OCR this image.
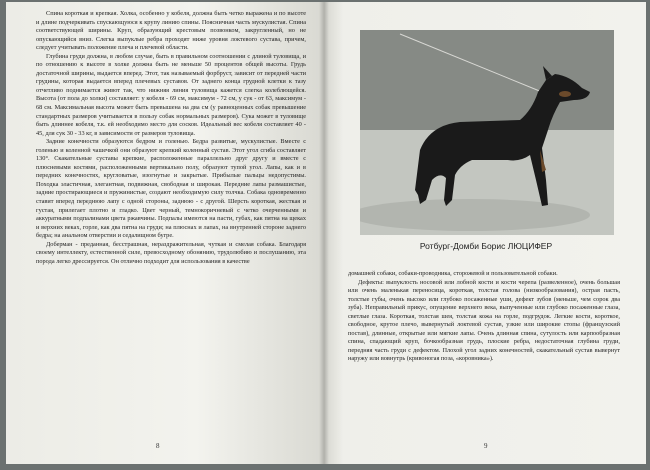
Спина короткая и крепкая. Холка, особенно у кобеля, должна быть четко выражена и по высоте и длине подчеркивать спускающуюся к крупу линию спины. Поясничная часть мускулистая. Спина соответствующей ширины. Круп, образующий крестовым позвонком, закругленный, но не опускающийся вниз. Слегка выпуклые ребра проходят ниже уровня локтевого сустава, причем, следует учитывать положение плеча и плечевой области.

Глубина груди должна, в любом случае, быть в правильном соотношении с длиной туловища, и по отношению к высоте в холке должна быть не меньше 50 процентов общей высоты. Грудь достаточной ширины, выдается вперед. Этот, так называемый форбруст, зависит от передней части грудины, которая выдается вперед плечевых суставов. От заднего конца грудной клетки к тазу отчетливо поднимается живот так, что нижняя линия туловища кажется слегка колеблющейся. Высота (от пола до холки) составляет: у кобеля - 69 см, максимум - 72 см, у сук - от 63, максимум - 68 см. Максимальная высота может быть превышена на два см (у равноценных собак превышение стандартных размеров учитывается в пользу собак нормальных размеров). Сука может в туловище быть длиннее кобеля, т.к. ей необходимо место для сосков. Идеальный вес кобеля составляет 40 - 45, для сук 30 - 33 кг, в зависимости от размеров туловища.

Задние конечности образуются бедром и голенью. Бедра развитые, мускулистые. Вместе с голенью и коленной чашечкой они образуют крепкий коленный сустав. Этот угол сгиба составляет 130°. Скакательные суставы крепкие, расположенные параллельно друг другу и вместе с плюсневыми костями, расположенными вертикально полу, образуют тупой угол. Лапы, как и в передних конечностях, кругловатые, изогнутые и закрытые. Прибылые пальцы недопустимы. Походка эластичная, элегантная, подвижная, свободная и широкая. Передние лапы размашистые, задние простирающиеся и пружинистые, создают необходимую силу толчка. Собака одновременно ставит вперед переднюю лапу с одной стороны, заднюю - с другой. Шерсть короткая, жесткая и густая, прилегает плотно и гладко. Цвет черный, темнокоричневый с четко очерченными и аккуратными подпалинами цвета ржавчины. Подпалы имеются на пасти, губах, как пятна на щеках и верхних веках, горле, как два пятна на груди; на плюснах и лапах, на внутренней стороне заднего бедра; на анальном отверстии и седалищном бугре.

Доберман - преданная, бесстрашная, нераздражительная, чуткая и смелая собака. Благодаря своему интеллекту, естественной силе, превосходному обонянию, трудолюбию и послушанию, эта порода легко дрессируется. Он отлично подходит для использования в качестве

8
Ротбург-Домби Борис ЛЮЦИФЕР

домашней собаки, собаки-проводника, сторожевой и пользовательной собаки.

Дефекты: выпуклость носовой или лобной кости и кости черепа (развеленное), очень большая или очень маленькая переносица, короткая, толстая голова (низкообразования), острая пасть, толстые губы, очень высоко или глубоко посаженные уши, дефект зубов (меньше, чем сорок два зуба). Неправильный прикус, опущение верхнего века, выпученные или глубоко посаженные глаза, светлые глаза. Короткая, толстая шея, толстая кожа на горле, подгрудок. Легкие кости, короткое, свободное, крутое плечо, вывернутый локтевой сустав, узкие или широкие стопы (французский постав), длинные, открытые или мягкие лапы. Очень длинная спина, сутулость или карпообразная спина, спадающий круп, бочкообразная грудь, плоские ребра, недостаточная глубина груди, передняя часть груди с дефектом. Плохой угол задних конечностей, скакательный сустав вывернут наружу или вовнутрь (кривоногая поза, «коровника»).

9
